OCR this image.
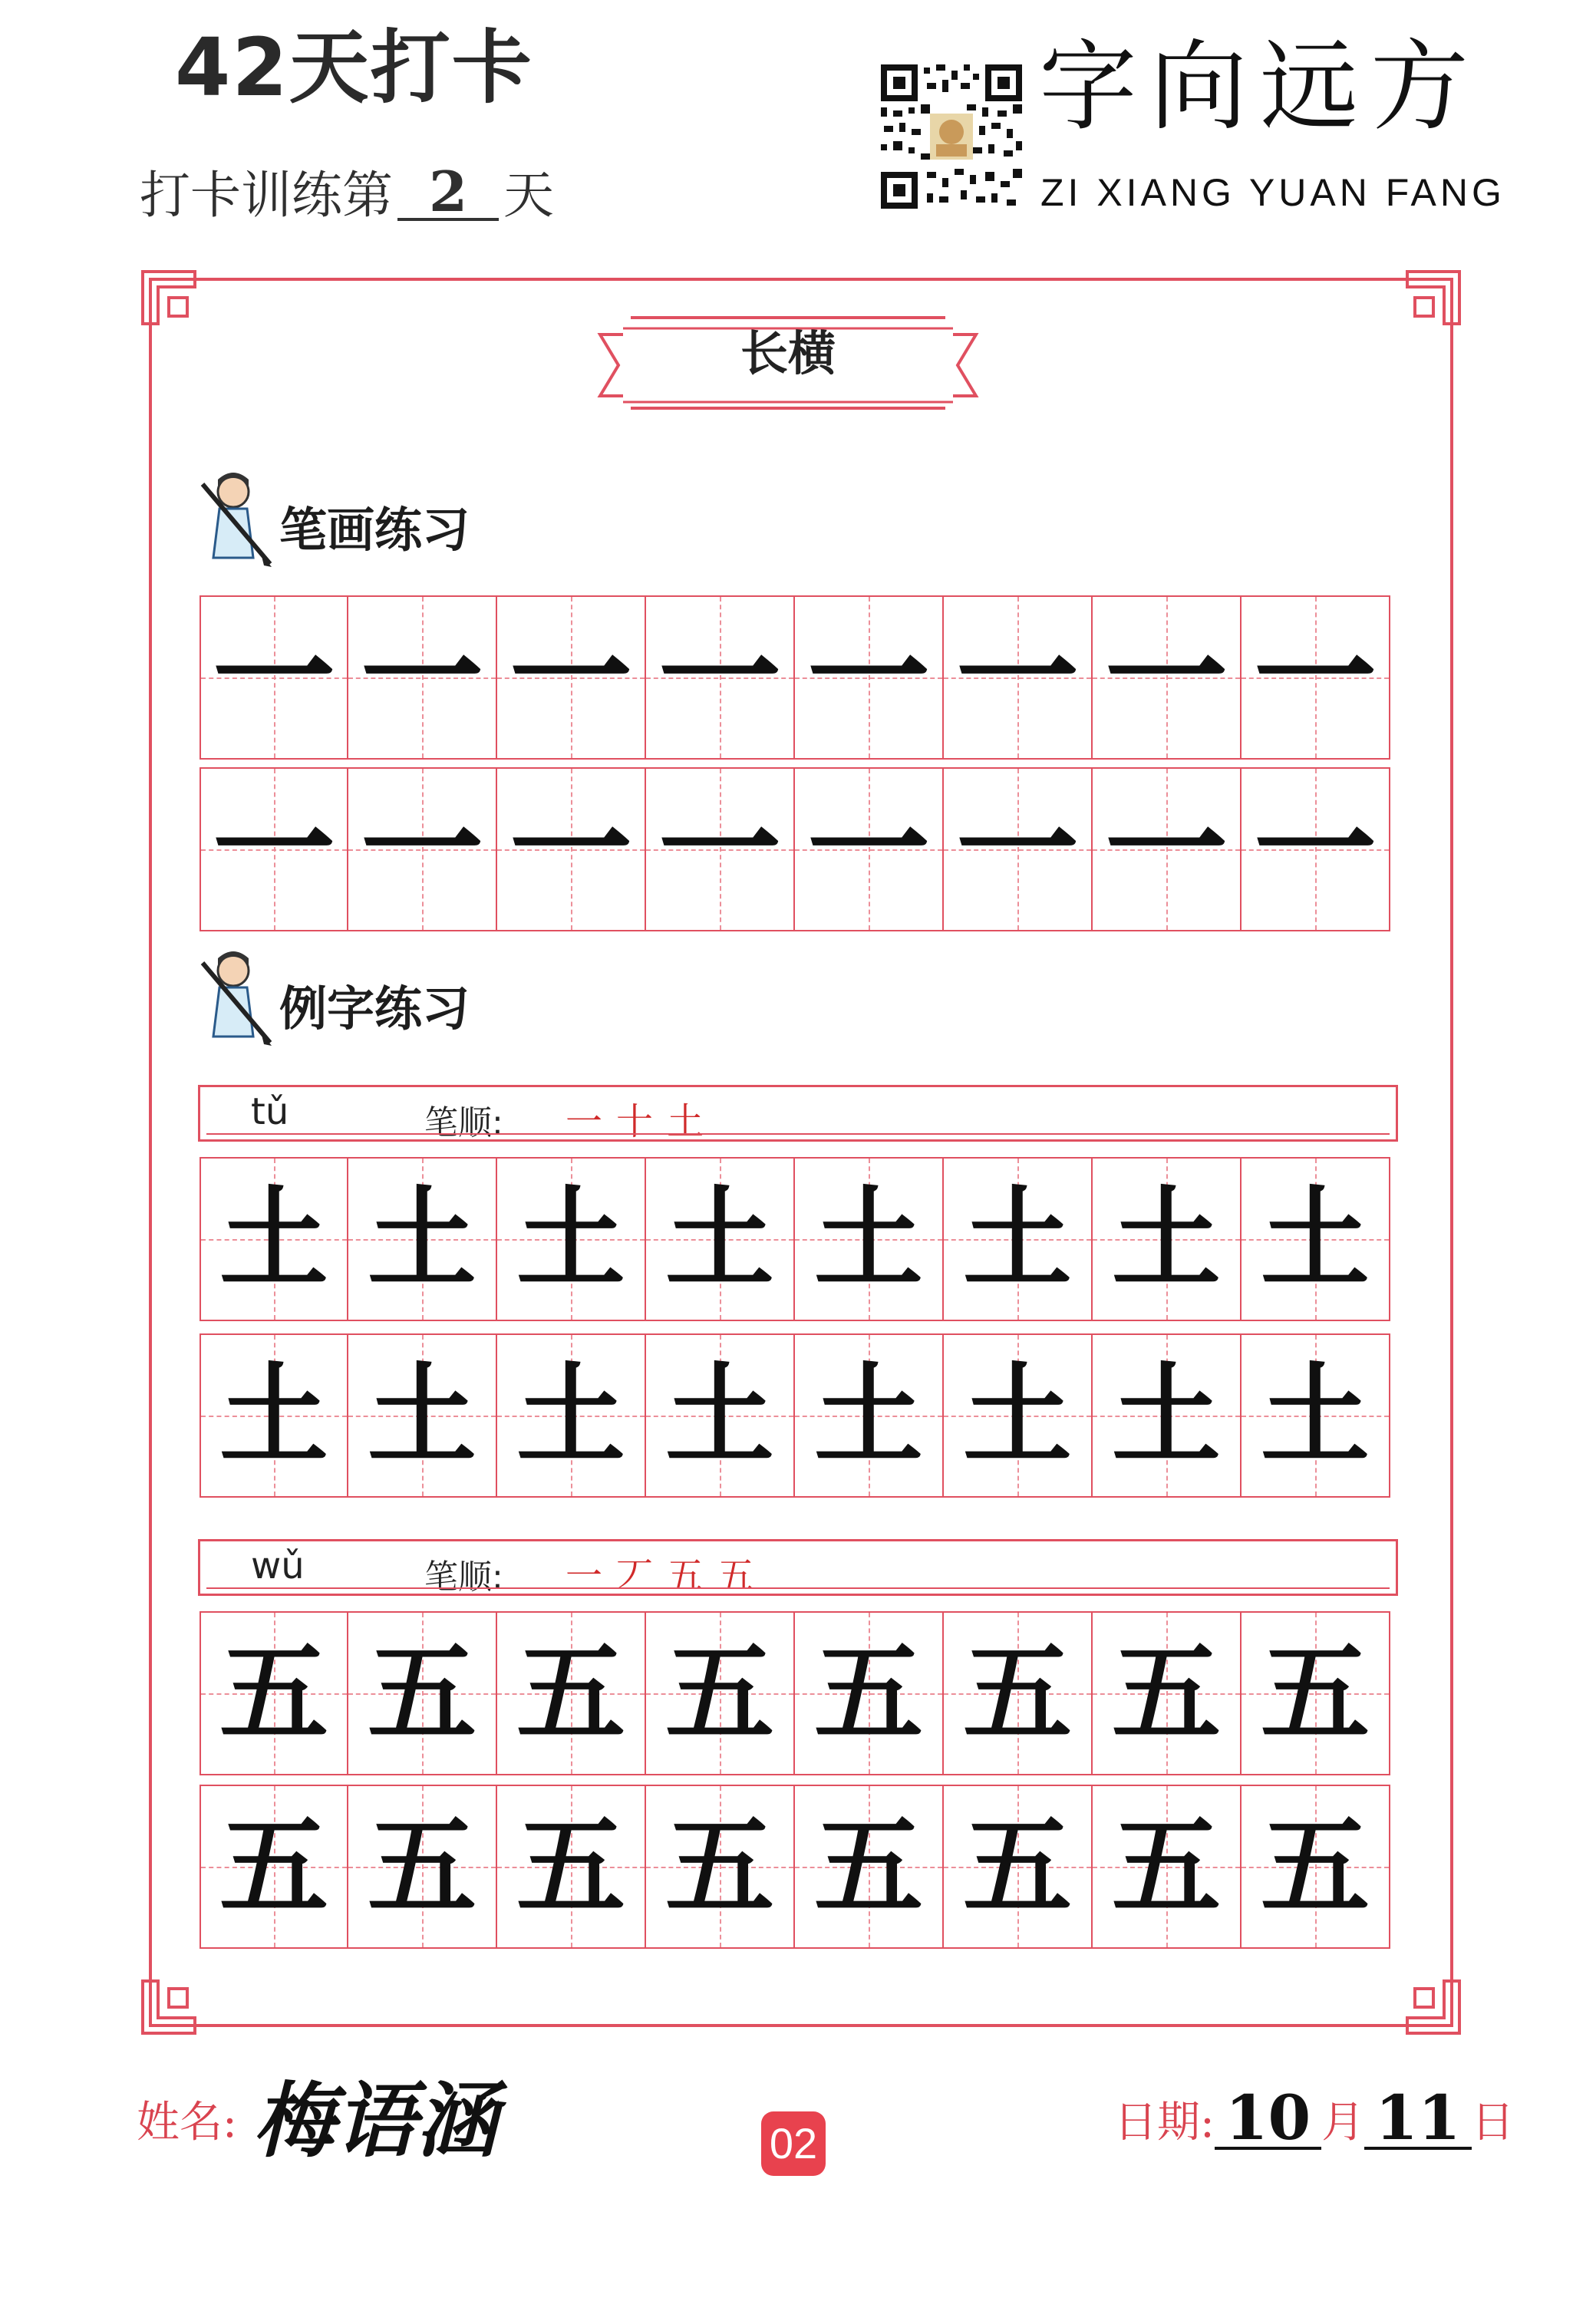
42天打卡
打卡训练第 2 天
字向远方
ZI XIANG YUAN FANG
长横
笔画练习
一 一 一 一 一 一 一 一
一 一 一 一 一 一 一 一
例字练习
tǔ	笔顺: 一十土
土 土 土 土 土 土 土 土
土 土 土 土 土 土 土 土
wǔ	笔顺: 一丆五五
五 五 五 五 五 五 五 五
五 五 五 五 五 五 五 五
姓名: 梅语涵	02	日期: 10 月 11 日
